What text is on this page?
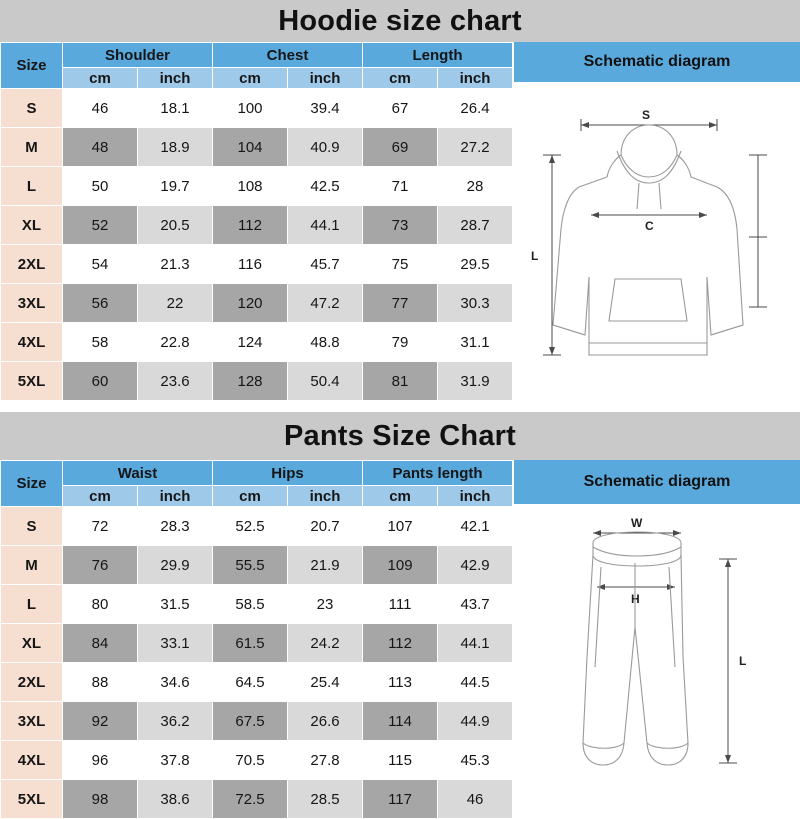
Hoodie size chart
Size	Shoulder		Chest		Length	
	cm	inch	cm	inch	cm	inch
S	46	18.1	100	39.4	67	26.4
M	48	18.9	104	40.9	69	27.2
L	50	19.7	108	42.5	71	28
XL	52	20.5	112	44.1	73	28.7
2XL	54	21.3	116	45.7	75	29.5
3XL	56	22	120	47.2	77	30.3
4XL	58	22.8	124	48.8	79	31.1
5XL	60	23.6	128	50.4	81	31.9
Schematic diagram
S
L
C
Pants Size Chart
Size	Waist		Hips		Pants length	
	cm	inch	cm	inch	cm	inch
S	72	28.3	52.5	20.7	107	42.1
M	76	29.9	55.5	21.9	109	42.9
L	80	31.5	58.5	23	111	43.7
XL	84	33.1	61.5	24.2	112	44.1
2XL	88	34.6	64.5	25.4	113	44.5
3XL	92	36.2	67.5	26.6	114	44.9
4XL	96	37.8	70.5	27.8	115	45.3
5XL	98	38.6	72.5	28.5	117	46
Schematic diagram
W
H
L
